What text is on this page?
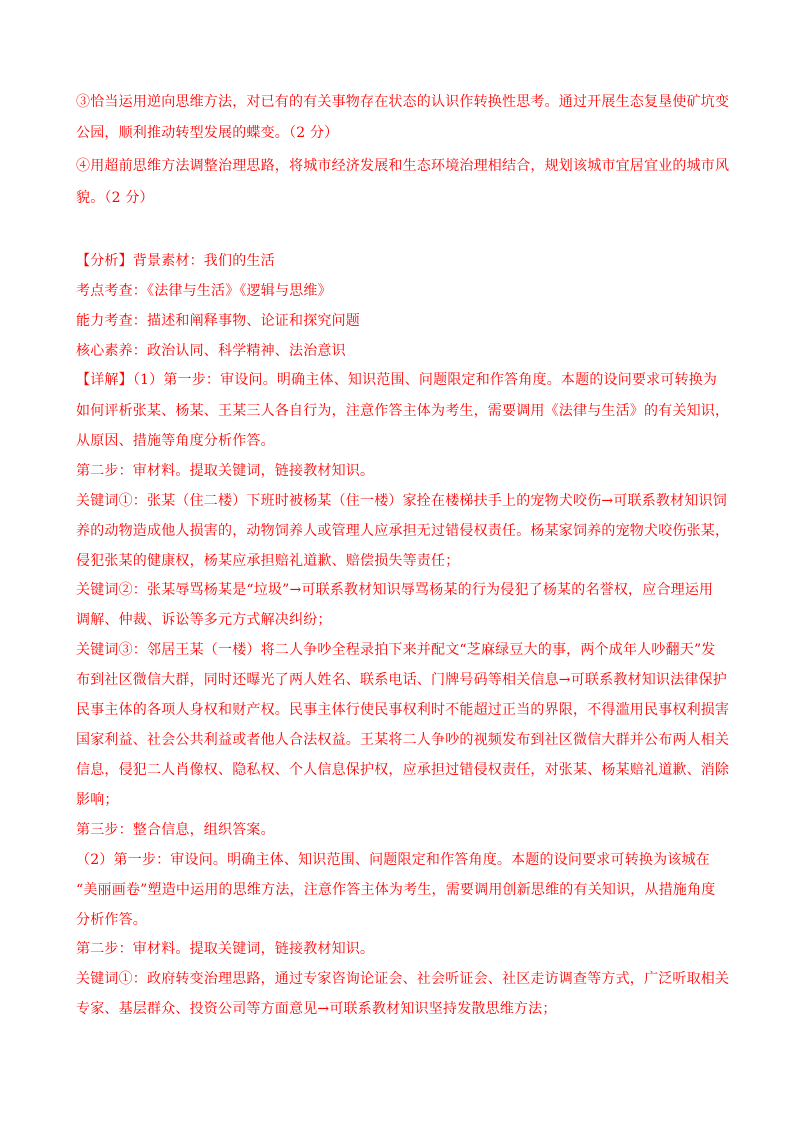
③恰当运用逆向思维方法，对已有的有关事物存在状态的认识作转换性思考。通过开展生态复垦使矿坑变
公园，顺利推动转型发展的蝶变。（2 分）
④用超前思维方法调整治理思路，将城市经济发展和生态环境治理相结合，规划该城市宜居宜业的城市风
貌。（2 分）
【分析】背景素材：我们的生活
考点考查：《法律与生活》《逻辑与思维》
能力考查：描述和阐释事物、论证和探究问题
核心素养：政治认同、科学精神、法治意识
【详解】（1）第一步：审设问。明确主体、知识范围、问题限定和作答角度。本题的设问要求可转换为
如何评析张某、杨某、王某三人各自行为，注意作答主体为考生，需要调用《法律与生活》的有关知识，
从原因、措施等角度分析作答。
第二步：审材料。提取关键词，链接教材知识。
关键词①：张某（住二楼）下班时被杨某（住一楼）家拴在楼梯扶手上的宠物犬咬伤→可联系教材知识饲
养的动物造成他人损害的，动物饲养人或管理人应承担无过错侵权责任。杨某家饲养的宠物犬咬伤张某，
侵犯张某的健康权，杨某应承担赔礼道歉、赔偿损失等责任；
关键词②：张某辱骂杨某是“垃圾”→可联系教材知识辱骂杨某的行为侵犯了杨某的名誉权，应合理运用
调解、仲裁、诉讼等多元方式解决纠纷；
关键词③：邻居王某（一楼）将二人争吵全程录拍下来并配文“芝麻绿豆大的事，两个成年人吵翻天”发
布到社区微信大群，同时还曝光了两人姓名、联系电话、门牌号码等相关信息→可联系教材知识法律保护
民事主体的各项人身权和财产权。民事主体行使民事权利时不能超过正当的界限，不得滥用民事权利损害
国家利益、社会公共利益或者他人合法权益。王某将二人争吵的视频发布到社区微信大群并公布两人相关
信息，侵犯二人肖像权、隐私权、个人信息保护权，应承担过错侵权责任，对张某、杨某赔礼道歉、消除
影响；
第三步：整合信息，组织答案。
（2）第一步：审设问。明确主体、知识范围、问题限定和作答角度。本题的设问要求可转换为该城在
“美丽画卷”塑造中运用的思维方法，注意作答主体为考生，需要调用创新思维的有关知识，从措施角度
分析作答。
第二步：审材料。提取关键词，链接教材知识。
关键词①：政府转变治理思路，通过专家咨询论证会、社会听证会、社区走访调查等方式，广泛听取相关
专家、基层群众、投资公司等方面意见→可联系教材知识坚持发散思维方法；
